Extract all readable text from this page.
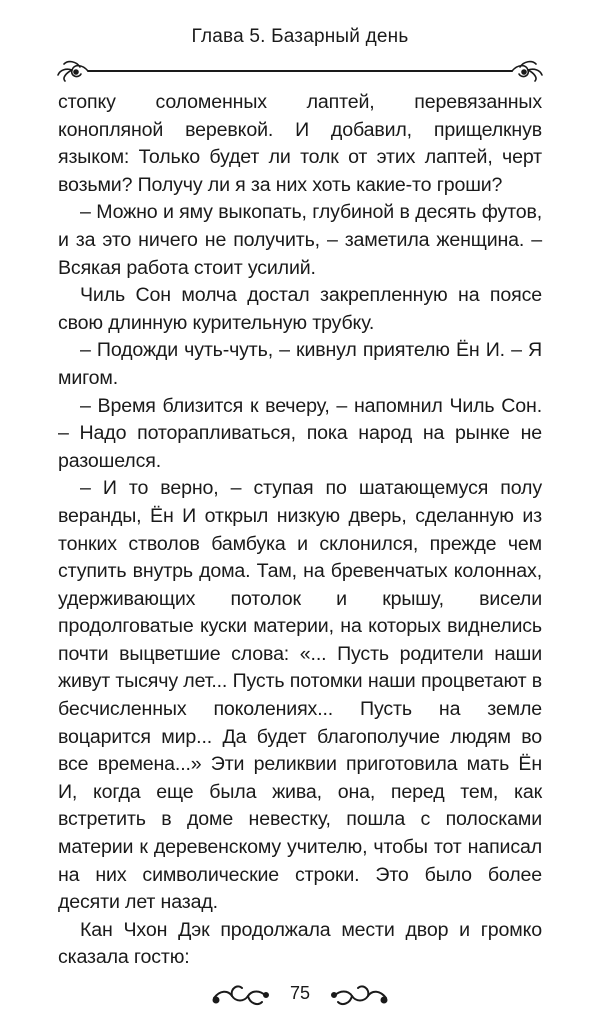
Глава 5. Базарный день

стопку соломенных лаптей, перевязанных конопляной веревкой. И добавил, прищелкнув языком: Только будет ли толк от этих лаптей, черт возьми? Получу ли я за них хоть какие-то гроши?

– Можно и яму выкопать, глубиной в десять футов, и за это ничего не получить, – заметила женщина. – Всякая работа стоит усилий.

Чиль Сон молча достал закрепленную на поясе свою длинную курительную трубку.

– Подожди чуть-чуть, – кивнул приятелю Ён И. – Я мигом.

– Время близится к вечеру, – напомнил Чиль Сон. – Надо поторапливаться, пока народ на рынке не разошелся.

– И то верно, – ступая по шатающемуся полу веранды, Ён И открыл низкую дверь, сделанную из тонких стволов бамбука и склонился, прежде чем ступить внутрь дома. Там, на бревенчатых колоннах, удерживающих потолок и крышу, висели продолговатые куски материи, на которых виднелись почти выцветшие слова: «... Пусть родители наши живут тысячу лет... Пусть потомки наши процветают в бесчисленных поколениях... Пусть на земле воцарится мир... Да будет благополучие людям во все времена...» Эти реликвии приготовила мать Ён И, когда еще была жива, она, перед тем, как встретить в доме невестку, пошла с полосками материи к деревенскому учителю, чтобы тот написал на них символические строки. Это было более десяти лет назад.

Кан Чхон Дэк продолжала мести двор и громко сказала гостю:

75
